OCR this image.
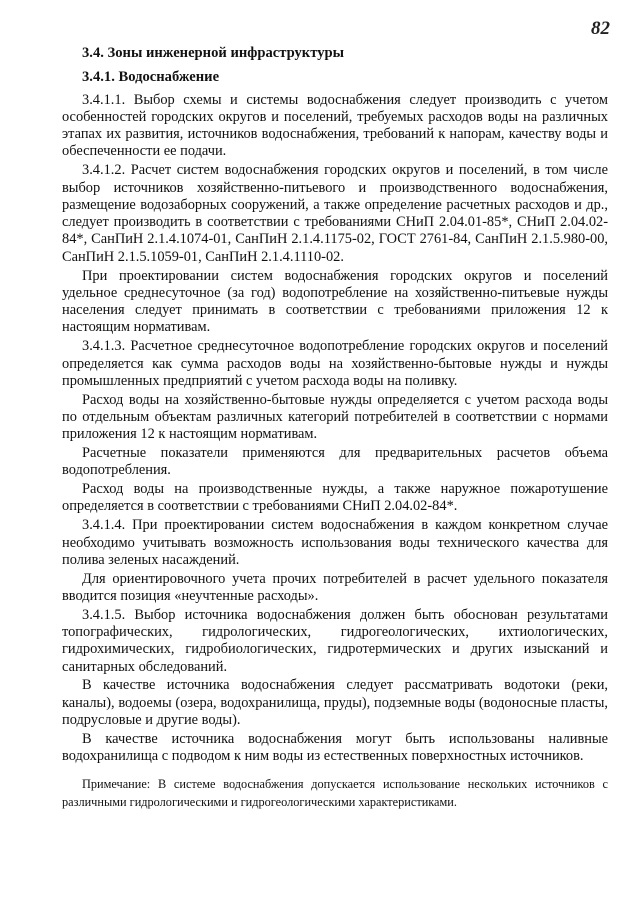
82
3.4. Зоны инженерной инфраструктуры
3.4.1. Водоснабжение

3.4.1.1. Выбор схемы и системы водоснабжения следует производить с учетом особенностей городских округов и поселений, требуемых расходов воды на различных этапах их развития, источников водоснабжения, требований к напорам, качеству воды и обеспеченности ее подачи.

3.4.1.2. Расчет систем водоснабжения городских округов и поселений, в том числе выбор источников хозяйственно-питьевого и производственного водоснабжения, размещение водозаборных сооружений, а также определение расчетных расходов и др., следует производить в соответствии с требованиями СНиП 2.04.01-85*, СНиП 2.04.02-84*, СанПиН 2.1.4.1074-01, СанПиН 2.1.4.1175-02, ГОСТ 2761-84, СанПиН 2.1.5.980-00, СанПиН 2.1.5.1059-01, СанПиН 2.1.4.1110-02.

При проектировании систем водоснабжения городских округов и поселений удельное среднесуточное (за год) водопотребление на хозяйственно-питьевые нужды населения следует принимать в соответствии с требованиями приложения 12 к настоящим нормативам.

3.4.1.3. Расчетное среднесуточное водопотребление городских округов и поселений определяется как сумма расходов воды на хозяйственно-бытовые нужды и нужды промышленных предприятий с учетом расхода воды на поливку.

Расход воды на хозяйственно-бытовые нужды определяется с учетом расхода воды по отдельным объектам различных категорий потребителей в соответствии с нормами приложения 12 к настоящим нормативам.

Расчетные показатели применяются для предварительных расчетов объема водопотребления.

Расход воды на производственные нужды, а также наружное пожаротушение определяется в соответствии с требованиями СНиП 2.04.02-84*.

3.4.1.4. При проектировании систем водоснабжения в каждом конкретном случае необходимо учитывать возможность использования воды технического качества для полива зеленых насаждений.

Для ориентировочного учета прочих потребителей в расчет удельного показателя вводится позиция «неучтенные расходы».

3.4.1.5. Выбор источника водоснабжения должен быть обоснован результатами топографических, гидрологических, гидрогеологических, ихтиологических, гидрохимических, гидробиологических, гидротермических и других изысканий и санитарных обследований.

В качестве источника водоснабжения следует рассматривать водотоки (реки, каналы), водоемы (озера, водохранилища, пруды), подземные воды (водоносные пласты, подрусловые и другие воды).

В качестве источника водоснабжения могут быть использованы наливные водохранилища с подводом к ним воды из естественных поверхностных источников.

Примечание: В системе водоснабжения допускается использование нескольких источников с различными гидрологическими и гидрогеологическими характеристиками.
